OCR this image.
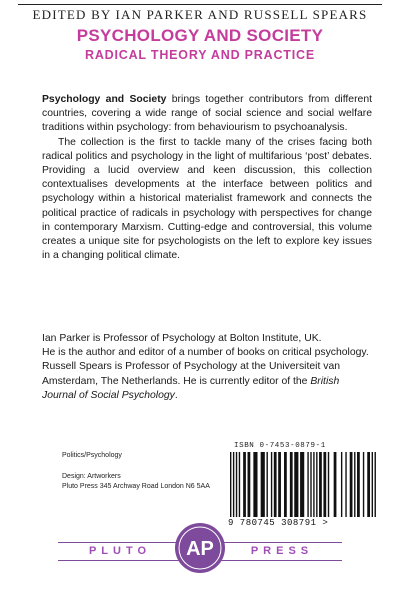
EDITED BY IAN PARKER AND RUSSELL SPEARS
PSYCHOLOGY AND SOCIETY
RADICAL THEORY AND PRACTICE

Psychology and Society brings together contributors from different countries, covering a wide range of social science and social welfare traditions within psychology: from behaviourism to psychoanalysis.

The collection is the first to tackle many of the crises facing both radical politics and psychology in the light of multifarious ‘post’ debates. Providing a lucid overview and keen discussion, this collection contextualises developments at the interface between politics and psychology within a historical materialist framework and connects the political practice of radicals in psychology with perspectives for change in contemporary Marxism. Cutting-edge and controversial, this volume creates a unique site for psychologists on the left to explore key issues in a changing political climate.

Ian Parker is Professor of Psychology at Bolton Institute, UK.

He is the author and editor of a number of books on critical psychology.

Russell Spears is Professor of Psychology at the Universiteit van Amsterdam, The Netherlands. He is currently editor of the British Journal of Social Psychology.

Politics/Psychology
Design: Artworkers
Pluto Press 345 Archway Road London N6 5AA
ISBN 0-7453-0879-1
9 780745 308791 >
PLUTO	PRESS
AP
